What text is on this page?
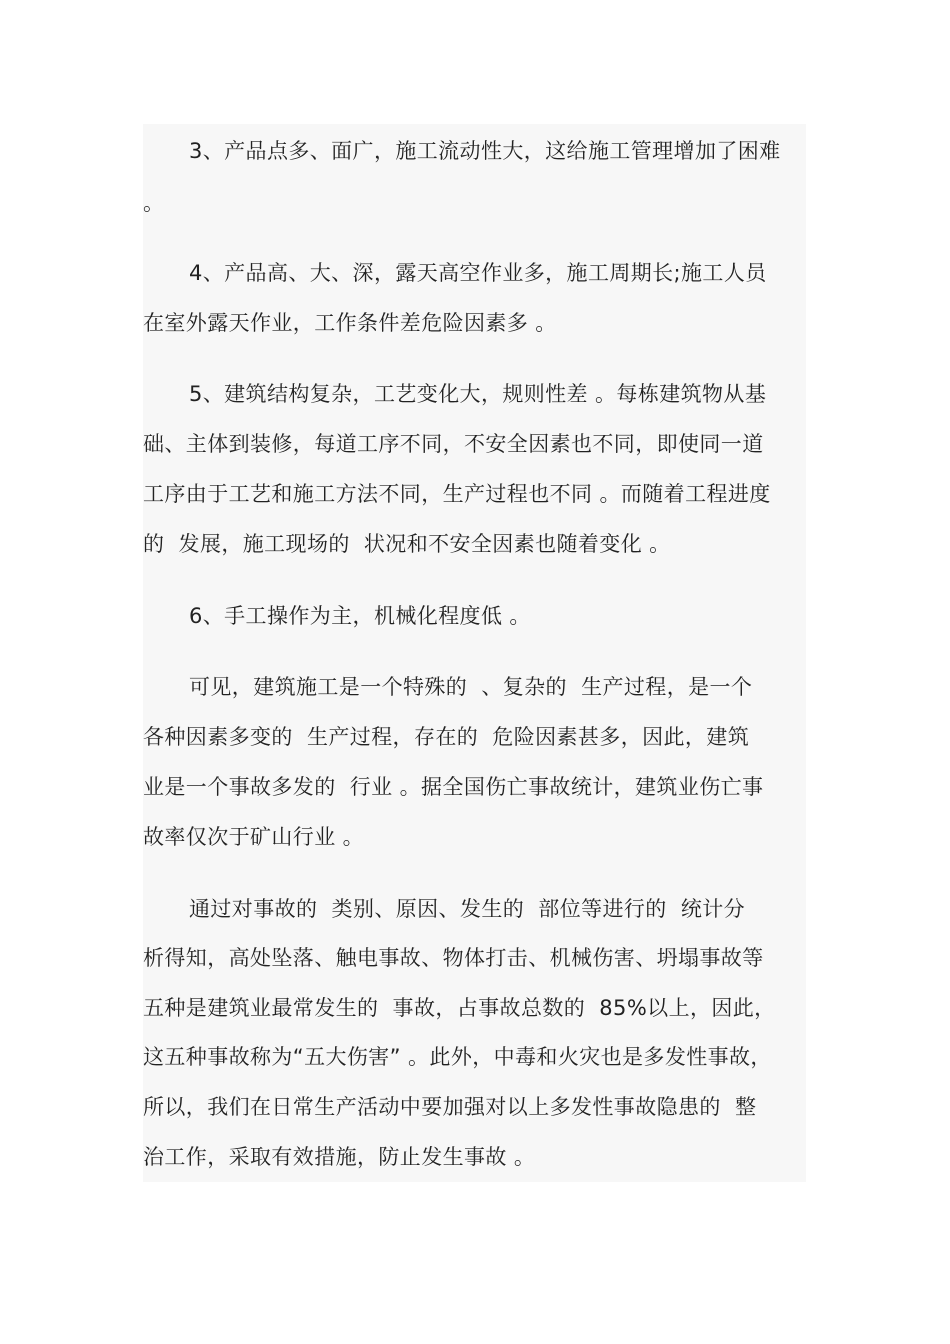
3、产品点多、面广，施工流动性大，这给施工管理增加了困难
。
4、产品高、大、深，露天高空作业多，施工周期长;施工人员
在室外露天作业，工作条件差危险因素多 。
5、建筑结构复杂，工艺变化大，规则性差 。每栋建筑物从基
础、主体到装修，每道工序不同，不安全因素也不同，即使同一道
工序由于工艺和施工方法不同，生产过程也不同 。而随着工程进度
的  发展，施工现场的  状况和不安全因素也随着变化 。
6、手工操作为主，机械化程度低 。
可见，建筑施工是一个特殊的  、复杂的  生产过程，是一个
各种因素多变的  生产过程，存在的  危险因素甚多，因此，建筑
业是一个事故多发的  行业 。据全国伤亡事故统计，建筑业伤亡事
故率仅次于矿山行业 。
通过对事故的  类别、原因、发生的  部位等进行的  统计分
析得知，高处坠落、触电事故、物体打击、机械伤害、坍塌事故等
五种是建筑业最常发生的  事故，占事故总数的  85%以上，因此，
这五种事故称为“五大伤害” 。此外，中毒和火灾也是多发性事故，
所以，我们在日常生产活动中要加强对以上多发性事故隐患的  整
治工作，采取有效措施，防止发生事故 。
